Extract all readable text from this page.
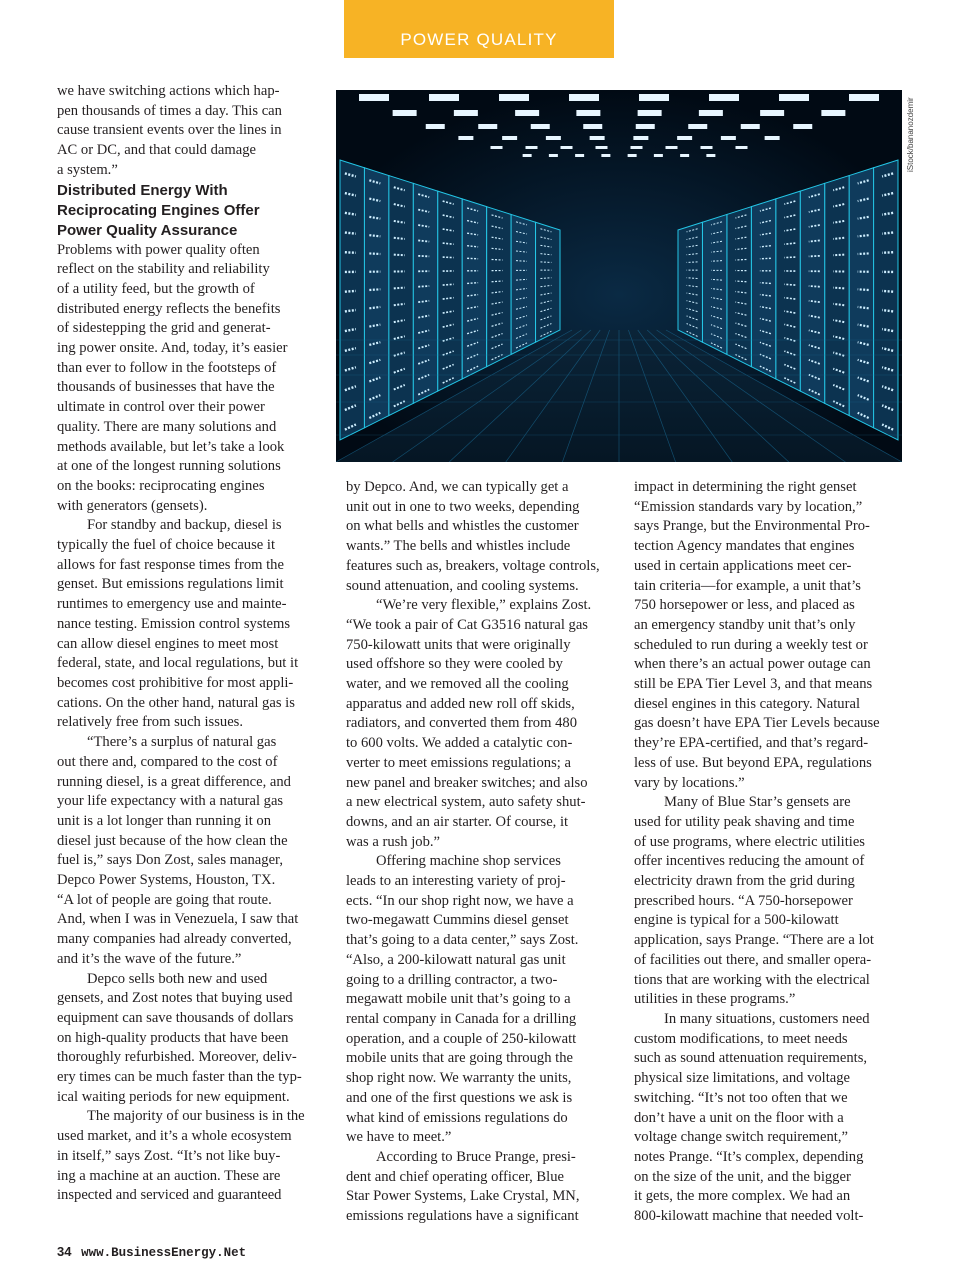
POWER QUALITY

we have switching actions which hap-
pen thousands of times a day. This can
cause transient events over the lines in
AC or DC, and that could damage
a system.”

Distributed Energy With
Reciprocating Engines Offer
Power Quality Assurance

Problems with power quality often
reflect on the stability and reliability
of a utility feed, but the growth of
distributed energy reflects the benefits
of sidestepping the grid and generat-
ing power onsite. And, today, it’s easier
than ever to follow in the footsteps of
thousands of businesses that have the
ultimate in control over their power
quality. There are many solutions and
methods available, but let’s take a look
at one of the longest running solutions
on the books: reciprocating engines
with generators (gensets).

For standby and backup, diesel is
typically the fuel of choice because it
allows for fast response times from the
genset. But emissions regulations limit
runtimes to emergency use and mainte-
nance testing. Emission control systems
can allow diesel engines to meet most
federal, state, and local regulations, but it
becomes cost prohibitive for most appli-
cations. On the other hand, natural gas is
relatively free from such issues.

“There’s a surplus of natural gas
out there and, compared to the cost of
running diesel, is a great difference, and
your life expectancy with a natural gas
unit is a lot longer than running it on
diesel just because of the how clean the
fuel is,” says Don Zost, sales manager,
Depco Power Systems, Houston, TX.
“A lot of people are going that route.
And, when I was in Venezuela, I saw that
many companies had already converted,
and it’s the wave of the future.”

Depco sells both new and used
gensets, and Zost notes that buying used
equipment can save thousands of dollars
on high-quality products that have been
thoroughly refurbished. Moreover, deliv-
ery times can be much faster than the typ-
ical waiting periods for new equipment.

The majority of our business is in the
used market, and it’s a whole ecosystem
in itself,” says Zost. “It’s not like buy-
ing a machine at an auction. These are
inspected and serviced and guaranteed

iStock/bananozdemir

by Depco. And, we can typically get a
unit out in one to two weeks, depending
on what bells and whistles the customer
wants.” The bells and whistles include
features such as, breakers, voltage controls,
sound attenuation, and cooling systems.

“We’re very flexible,” explains Zost.
“We took a pair of Cat G3516 natural gas
750-kilowatt units that were originally
used offshore so they were cooled by
water, and we removed all the cooling
apparatus and added new roll off skids,
radiators, and converted them from 480
to 600 volts. We added a catalytic con-
verter to meet emissions regulations; a
new panel and breaker switches; and also
a new electrical system, auto safety shut-
downs, and an air starter. Of course, it
was a rush job.”

Offering machine shop services
leads to an interesting variety of proj-
ects. “In our shop right now, we have a
two-megawatt Cummins diesel genset
that’s going to a data center,” says Zost.
“Also, a 200-kilowatt natural gas unit
going to a drilling contractor, a two-
megawatt mobile unit that’s going to a
rental company in Canada for a drilling
operation, and a couple of 250-kilowatt
mobile units that are going through the
shop right now. We warranty the units,
and one of the first questions we ask is
what kind of emissions regulations do
we have to meet.”

According to Bruce Prange, presi-
dent and chief operating officer, Blue
Star Power Systems, Lake Crystal, MN,
emissions regulations have a significant

impact in determining the right genset
“Emission standards vary by location,”
says Prange, but the Environmental Pro-
tection Agency mandates that engines
used in certain applications meet cer-
tain criteria—for example, a unit that’s
750 horsepower or less, and placed as
an emergency standby unit that’s only
scheduled to run during a weekly test or
when there’s an actual power outage can
still be EPA Tier Level 3, and that means
diesel engines in this category. Natural
gas doesn’t have EPA Tier Levels because
they’re EPA-certified, and that’s regard-
less of use. But beyond EPA, regulations
vary by locations.”

Many of Blue Star’s gensets are
used for utility peak shaving and time
of use programs, where electric utilities
offer incentives reducing the amount of
electricity drawn from the grid during
prescribed hours. “A 750-horsepower
engine is typical for a 500-kilowatt
application, says Prange. “There are a lot
of facilities out there, and smaller opera-
tions that are working with the electrical
utilities in these programs.”

In many situations, customers need
custom modifications, to meet needs
such as sound attenuation requirements,
physical size limitations, and voltage
switching. “It’s not too often that we
don’t have a unit on the floor with a
voltage change switch requirement,”
notes Prange. “It’s complex, depending
on the size of the unit, and the bigger
it gets, the more complex. We had an
800-kilowatt machine that needed volt-

34 www.BusinessEnergy.Net
